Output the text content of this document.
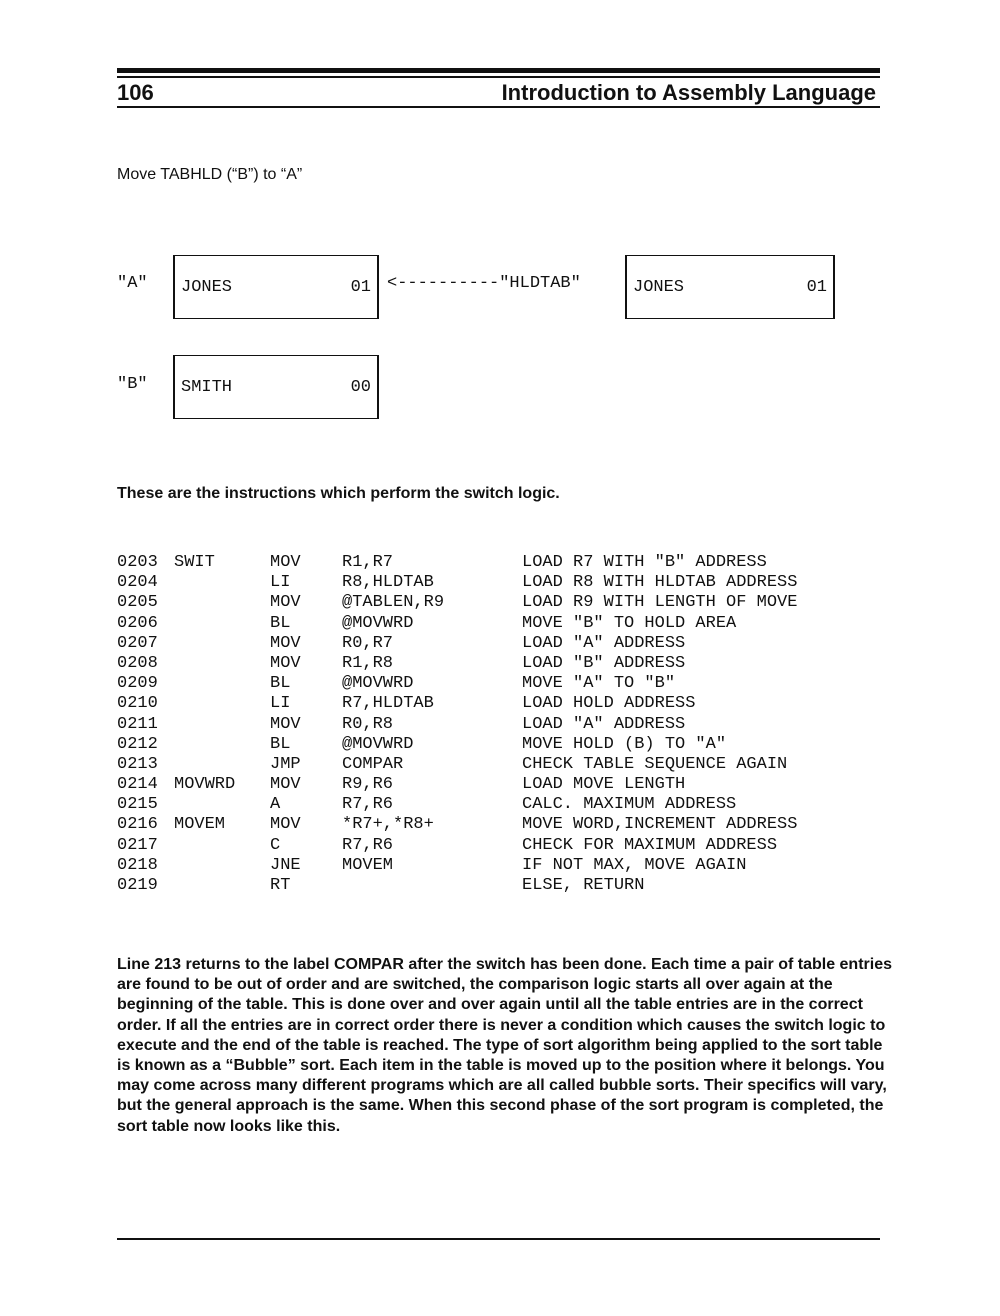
106	Introduction to Assembly Language
Move TABHLD (“B”) to “A”
"A" JONES	01 <----------"HLDTAB"	JONES	01
"B" SMITH	00
These are the instructions which perform the switch logic.
0203 SWIT	MOV R1,R7	LOAD R7 WITH "B" ADDRESS
0204	LI	R8,HLDTAB	LOAD R8 WITH HLDTAB ADDRESS
0205	MOV @TABLEN,R9	LOAD R9 WITH LENGTH OF MOVE
0206	BL	@MOVWRD	MOVE "B" TO HOLD AREA
0207	MOV R0,R7	LOAD "A" ADDRESS
0208	MOV R1,R8	LOAD "B" ADDRESS
0209	BL	@MOVWRD	MOVE "A" TO "B"
0210	LI	R7,HLDTAB	LOAD HOLD ADDRESS
0211	MOV R0,R8	LOAD "A" ADDRESS
0212	BL	@MOVWRD	MOVE HOLD (B) TO "A"
0213	JMP COMPAR	CHECK TABLE SEQUENCE AGAIN
0214 MOVWRD MOV R9,R6	LOAD MOVE LENGTH
0215	A	R7,R6	CALC. MAXIMUM ADDRESS
0216 MOVEM	MOV *R7+,*R8+	MOVE WORD,INCREMENT ADDRESS
0217	C	R7,R6	CHECK FOR MAXIMUM ADDRESS
0218	JNE MOVEM	IF NOT MAX, MOVE AGAIN
0219	RT	ELSE, RETURN
Line 213 returns to the label COMPAR after the switch has been done. Each time a pair of table entries are found to be out of order and are switched, the comparison logic starts all over again at the beginning of the table. This is done over and over again until all the table entries are in the correct order. If all the entries are in correct order there is never a condition which causes the switch logic to execute and the end of the table is reached. The type of sort algorithm being applied to the sort table is known as a “Bubble” sort. Each item in the table is moved up to the position where it belongs. You may come across many different programs which are all called bubble sorts. Their specifics will vary, but the general approach is the same. When this second phase of the sort program is completed, the sort table now looks like this.
